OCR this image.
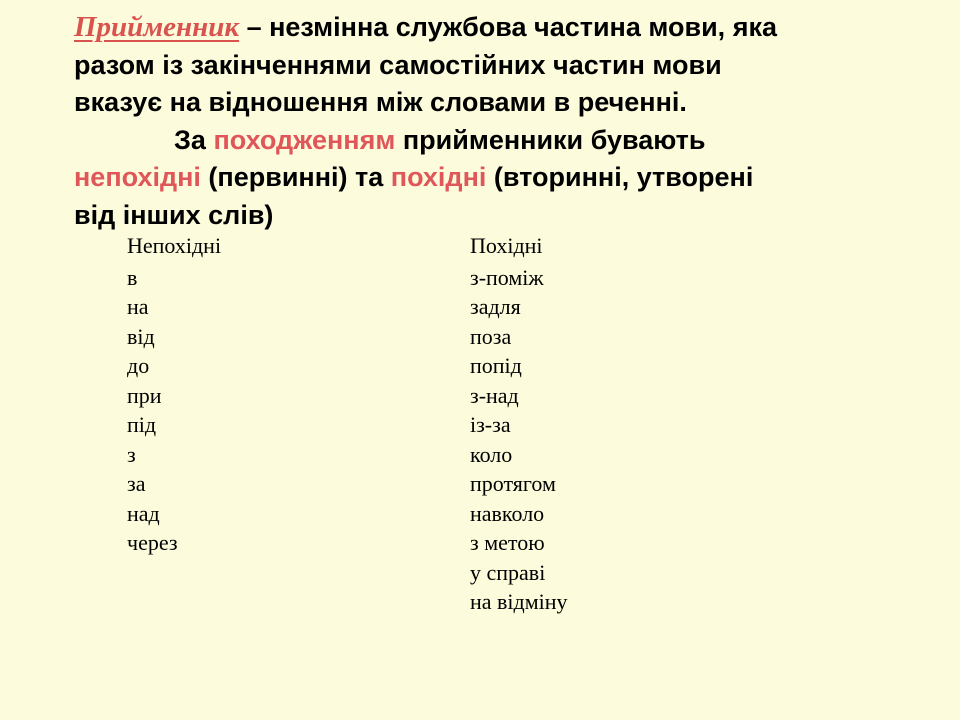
Прийменник – незмінна службова частина мови, яка
разом із закінченнями самостійних частин мови
вказує на відношення між словами в реченні.
За походженням прийменники бувають
непохідні (первинні) та похідні (вторинні, утворені
від інших слів)

Непохідні
в
на
від
до
при
під
з
за
над
через
Похідні
з-поміж
задля
поза
попід
з-над
із-за
коло
протягом
навколо
з метою
у справі
на відміну
